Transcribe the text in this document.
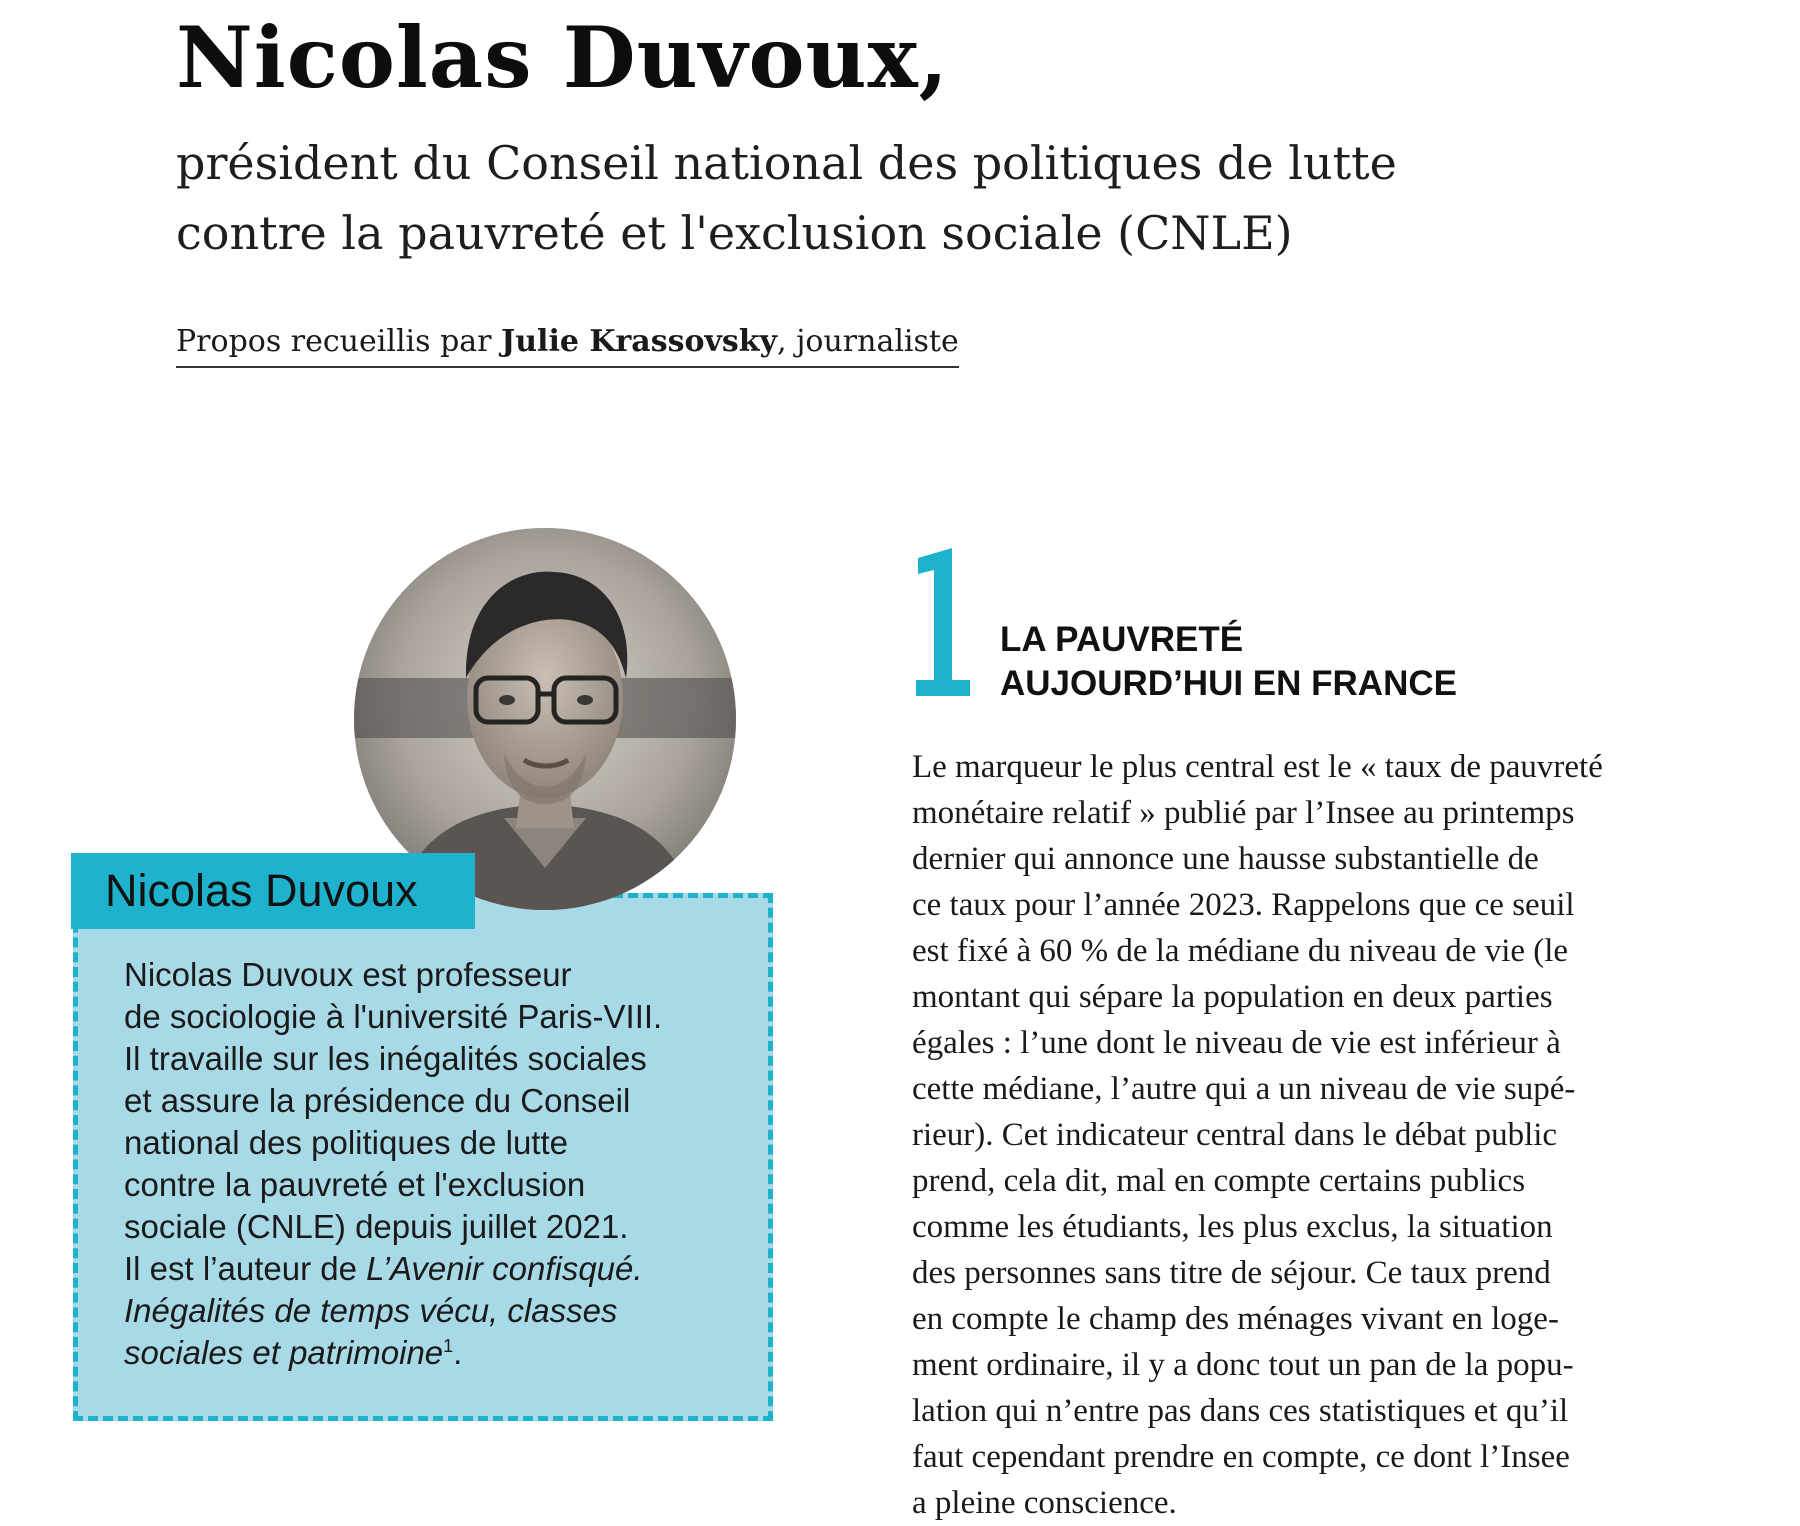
Nicolas Duvoux,
président du Conseil national des politiques de lutte
contre la pauvreté et l'exclusion sociale (CNLE)

Propos recueillis par Julie Krassovsky, journaliste

Nicolas Duvoux
Nicolas Duvoux est professeur
de sociologie à l'université Paris-VIII.
Il travaille sur les inégalités sociales
et assure la présidence du Conseil
national des politiques de lutte
contre la pauvreté et l'exclusion
sociale (CNLE) depuis juillet 2021.
Il est l’auteur de L’Avenir confisqué.
Inégalités de temps vécu, classes
sociales et patrimoine$^1$.
1 LA PAUVRETÉ
AUJOURD’HUI EN FRANCE
Le marqueur le plus central est le « taux de pauvreté
monétaire relatif » publié par l’Insee au printemps
dernier qui annonce une hausse substantielle de
ce taux pour l’année 2023. Rappelons que ce seuil
est fixé à 60 % de la médiane du niveau de vie (le
montant qui sépare la population en deux parties
égales : l’une dont le niveau de vie est inférieur à
cette médiane, l’autre qui a un niveau de vie supé-
rieur). Cet indicateur central dans le débat public
prend, cela dit, mal en compte certains publics
comme les étudiants, les plus exclus, la situation
des personnes sans titre de séjour. Ce taux prend
en compte le champ des ménages vivant en loge-
ment ordinaire, il y a donc tout un pan de la popu-
lation qui n’entre pas dans ces statistiques et qu’il
faut cependant prendre en compte, ce dont l’Insee
a pleine conscience.
